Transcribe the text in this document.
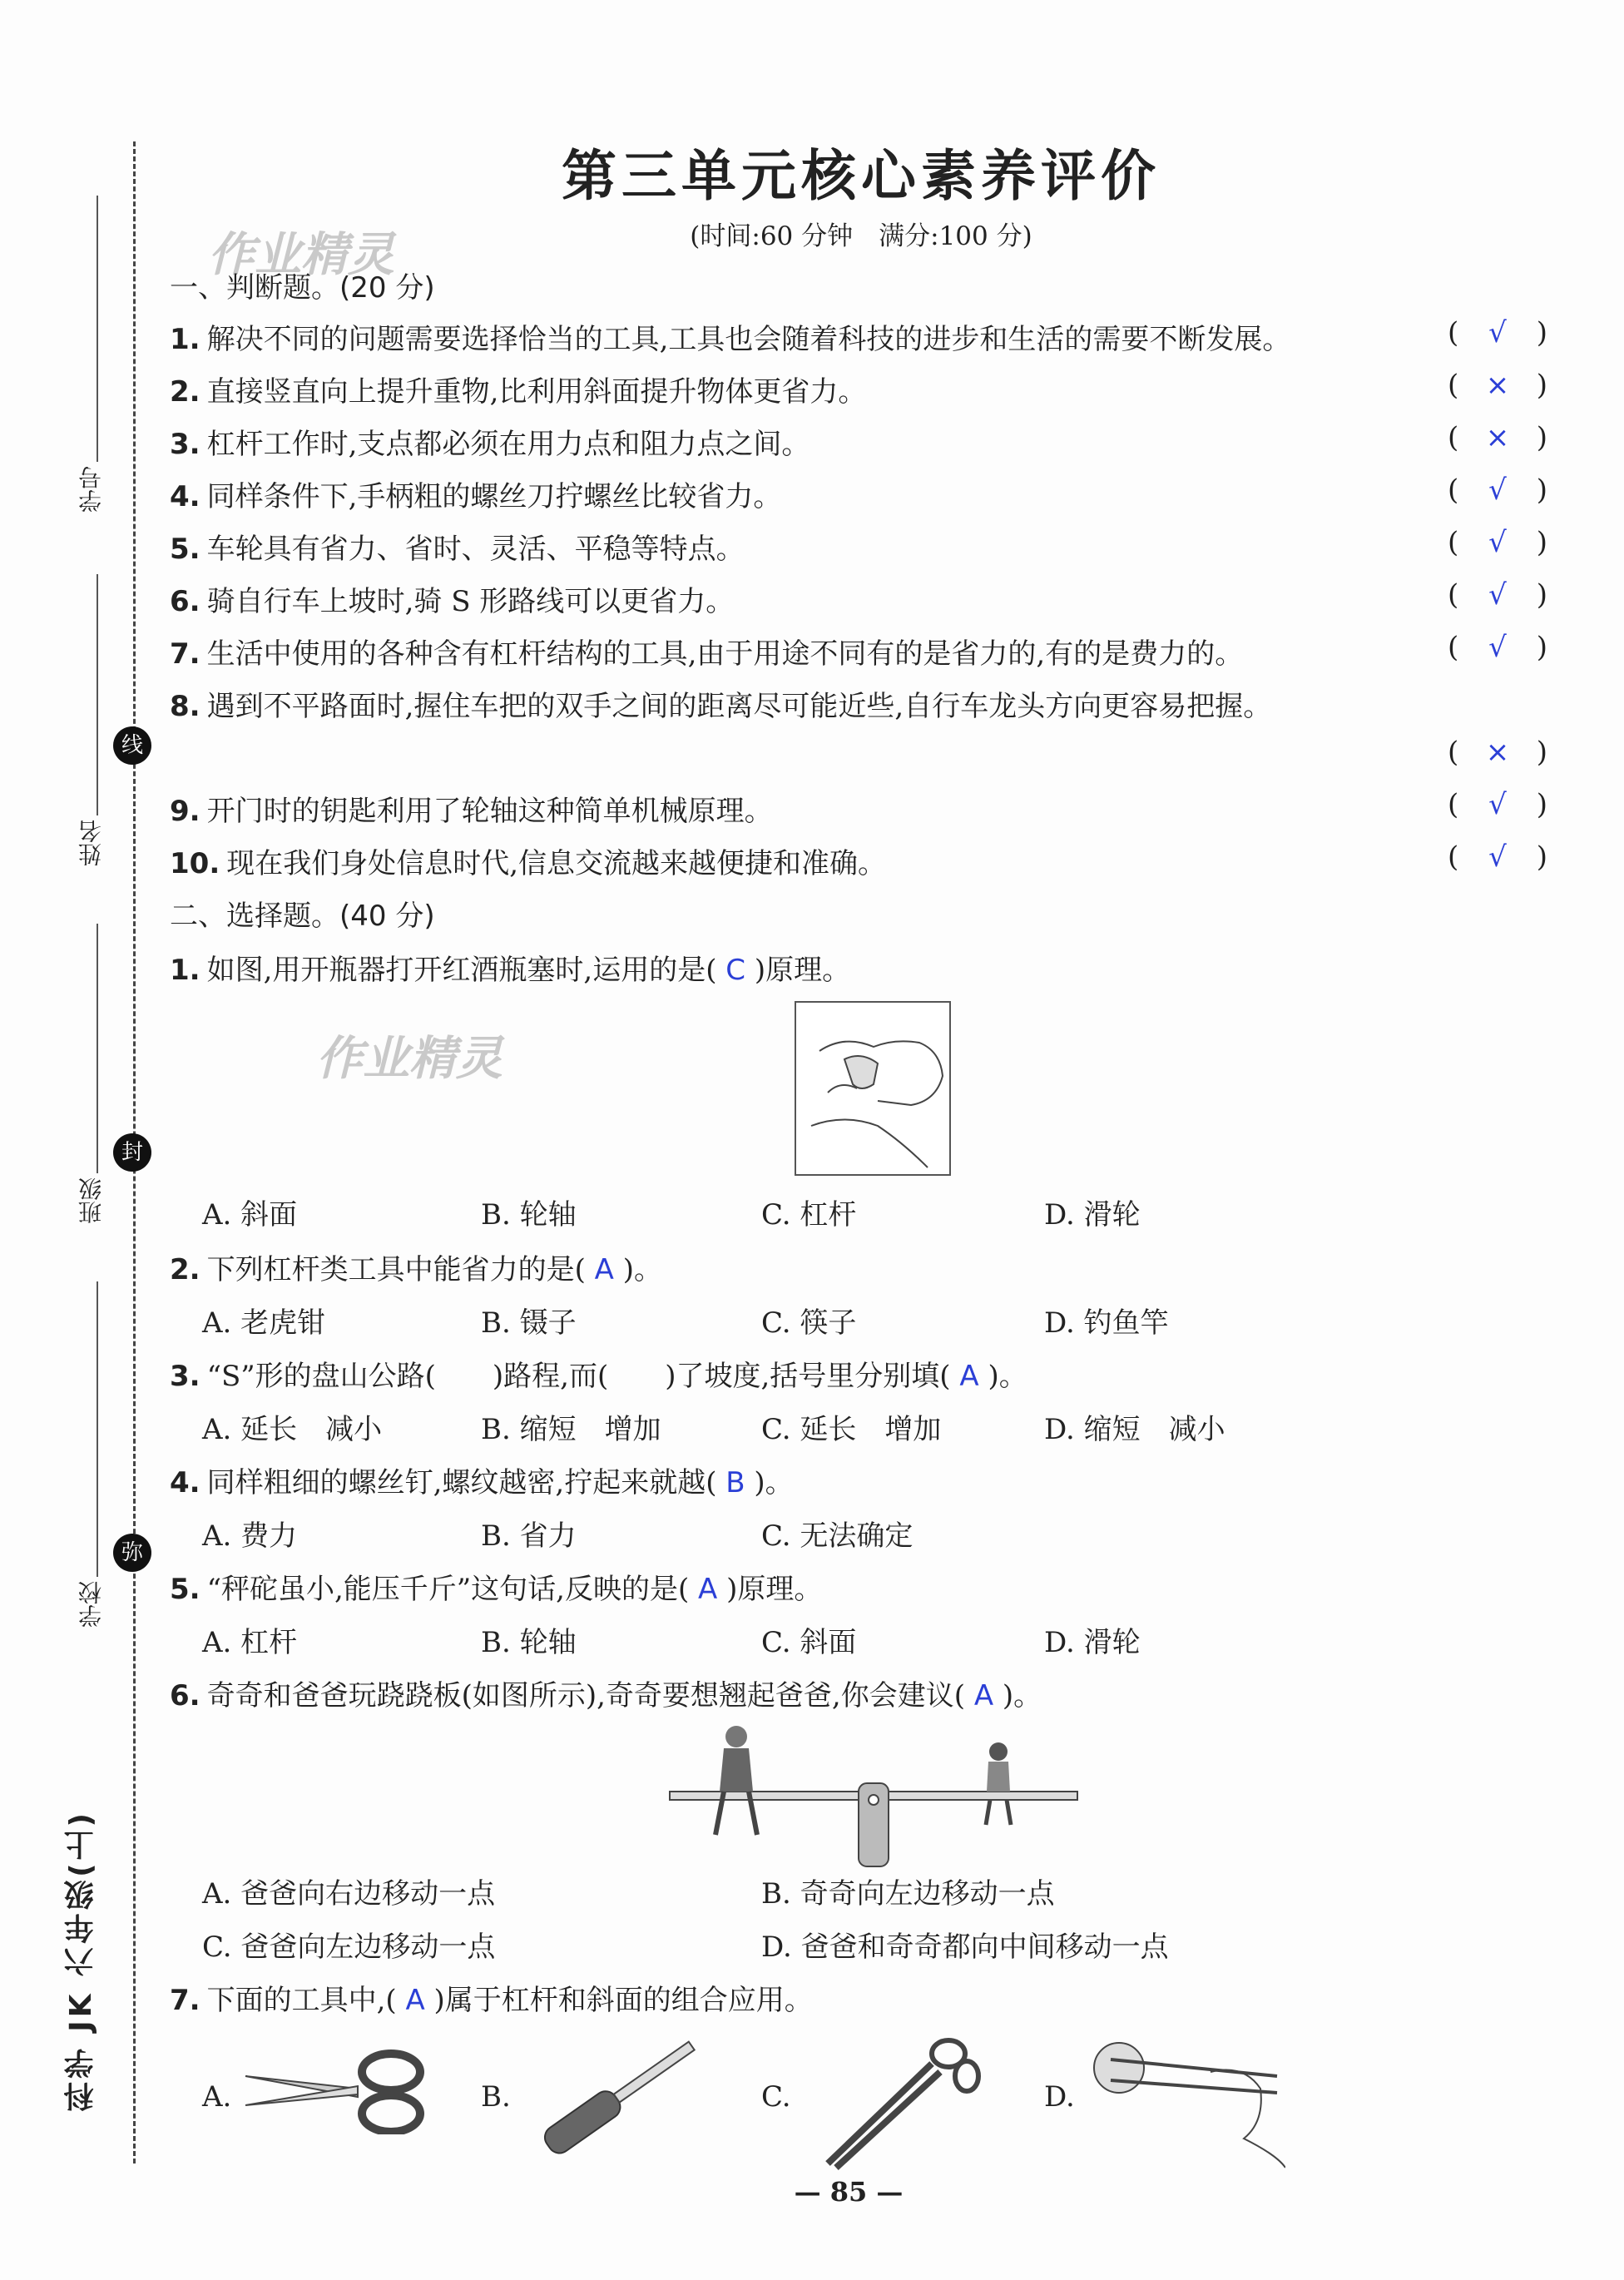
第三单元核心素养评价
(时间:60 分钟　满分:100 分)
作业精灵
作业精灵
学号
姓名
班级
学校
线
封
弥
科学 JK 六年级(上)
一、判断题。(20 分)
1. 解决不同的问题需要选择恰当的工具,工具也会随着科技的进步和生活的需要不断发展。	(	√	)
2. 直接竖直向上提升重物,比利用斜面提升物体更省力。	( × )
3. 杠杆工作时,支点都必须在用力点和阻力点之间。	( × )
4. 同样条件下,手柄粗的螺丝刀拧螺丝比较省力。	(	√	)
5. 车轮具有省力、省时、灵活、平稳等特点。	(	√	)
6. 骑自行车上坡时,骑 S 形路线可以更省力。	(	√	)
7. 生活中使用的各种含有杠杆结构的工具,由于用途不同有的是省力的,有的是费力的。	(	√	)
8. 遇到不平路面时,握住车把的双手之间的距离尽可能近些,自行车龙头方向更容易把握。
( × )
9. 开门时的钥匙利用了轮轴这种简单机械原理。	(	√	)
10. 现在我们身处信息时代,信息交流越来越便捷和准确。	(	√	)
二、选择题。(40 分)
1. 如图,用开瓶器打开红酒瓶塞时,运用的是( C )原理。
A. 斜面	B. 轮轴	C. 杠杆	D. 滑轮
2. 下列杠杆类工具中能省力的是( A )。
A. 老虎钳	B. 镊子	C. 筷子	D. 钓鱼竿
3. “S”形的盘山公路(　　)路程,而(　　)了坡度,括号里分别填( A )。
A. 延长　减小	B. 缩短　增加	C. 延长　增加	D. 缩短　减小
4. 同样粗细的螺丝钉,螺纹越密,拧起来就越( B )。
A. 费力	B. 省力	C. 无法确定
5. “秤砣虽小,能压千斤”这句话,反映的是( A )原理。
A. 杠杆	B. 轮轴	C. 斜面	D. 滑轮
6. 奇奇和爸爸玩跷跷板(如图所示),奇奇要想翘起爸爸,你会建议( A )。
A. 爸爸向右边移动一点	B. 奇奇向左边移动一点
C. 爸爸向左边移动一点	D. 爸爸和奇奇都向中间移动一点
7. 下面的工具中,( A )属于杠杆和斜面的组合应用。
A.	B.	C.	D.
— 85 —
